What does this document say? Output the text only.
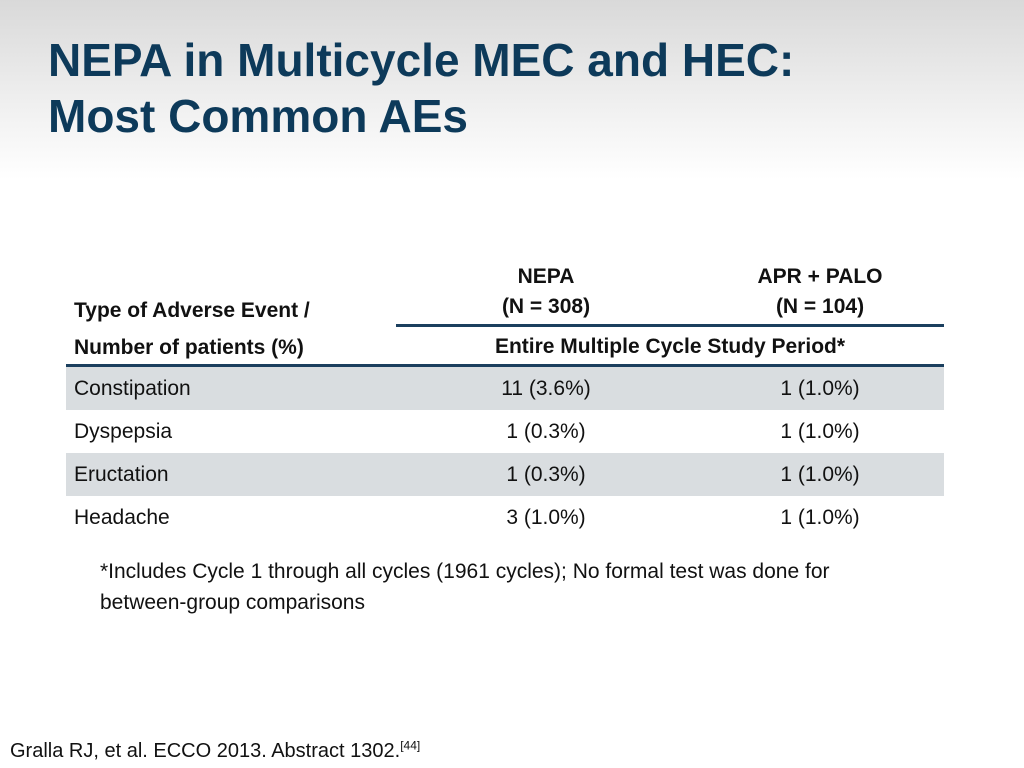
NEPA in Multicycle MEC and HEC:
Most Common AEs
Type of Adverse Event /
Number of patients (%)
NEPA
(N = 308)
APR + PALO
(N = 104)
Entire Multiple Cycle Study Period*
Constipation	11 (3.6%)	1 (1.0%)
Dyspepsia	1 (0.3%)	1 (1.0%)
Eructation	1 (0.3%)	1 (1.0%)
Headache	3 (1.0%)	1 (1.0%)
*Includes Cycle 1 through all cycles (1961 cycles); No formal test was done for between-group comparisons
Gralla RJ, et al. ECCO 2013. Abstract 1302.[44]
